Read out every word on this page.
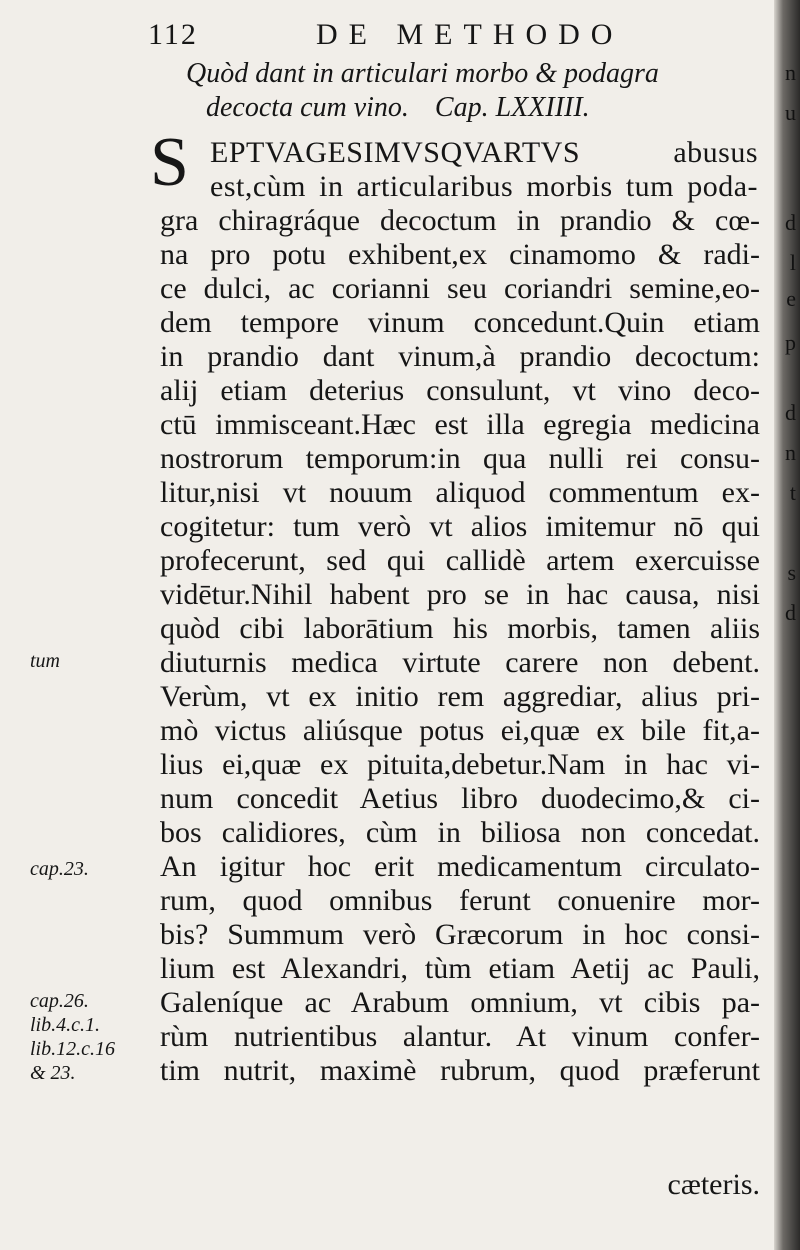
n
u
d
l
e
p
d
n
t
s
d
112	DE METHODO
Quòd dant in articulari morbo & podagra
decocta cum vino. Cap. LXXIIII.
S EPTVAGESIMVSQVARTVS abusus
est,cùm in articularibus morbis tum poda-
gra chiragráque decoctum in prandio & cœ-
na pro potu exhibent,ex cinamomo & radi-
ce dulci, ac corianni seu coriandri semine,eo-
dem tempore vinum concedunt.Quin etiam
in prandio dant vinum,à prandio decoctum:
alij etiam deterius consulunt, vt vino deco-
ctū immisceant.Hæc est illa egregia medicina
nostrorum temporum:in qua nulli rei consu-
litur,nisi vt nouum aliquod commentum ex-
cogitetur: tum verò vt alios imitemur nō qui
profecerunt, sed qui callidè artem exercuisse
vidētur.Nihil habent pro se in hac causa, nisi
quòd cibi laborātium his morbis, tamen aliis
diuturnis medica virtute carere non debent.
Verùm, vt ex initio rem aggrediar, alius pri-
mò victus aliúsque potus ei,quæ ex bile fit,a-
lius ei,quæ ex pituita,debetur.Nam in hac vi-
num concedit Aetius libro duodecimo,& ci-
bos calidiores, cùm in biliosa non concedat.
An igitur hoc erit medicamentum circulato-
rum, quod omnibus ferunt conuenire mor-
bis? Summum verò Græcorum in hoc consi-
lium est Alexandri, tùm etiam Aetij ac Pauli,
Galeníque ac Arabum omnium, vt cibis pa-
rùm nutrientibus alantur. At vinum confer-
tim nutrit, maximè rubrum, quod præferunt
cæteris.
tum
cap.23.
cap.26.
lib.4.c.1.
lib.12.c.16
& 23.
